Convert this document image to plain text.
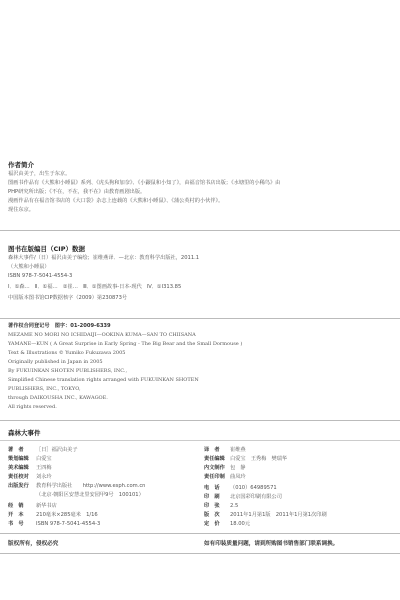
作者简介
福沢由美子，出生于东京。
图画书作品有《大熊和小睡鼠》系列、《虎头狗和加奈》、《小鼹鼠和小知了》，由福音馆书店出版；《水塘里的小稀鸟》由
PHP研究所出版；《不在，不在，我不在》由教育画剧出版。
漫画作品有在福音馆书店的《大口袋》杂志上连载的《大熊和小睡鼠》、《蒲公英村的小伙伴》。
现住东京。
图书在版编目（CIP）数据
森林大事件/（日）福沢由美子编绘；崔维燕译．—北京：教育科学出版社，2011.1
（大熊和小睡鼠）
ISBN 978-7-5041-4554-3
Ⅰ．①森…　Ⅱ．①福…　②崔…　Ⅲ．①图画故事-日本-现代　Ⅳ．①I313.85
中国版本图书馆CIP数据核字（2009）第230873号
著作权合同登记号　图字：01-2009-6339
MEZAME NO MORI NO ICHIDAIJI—OOKINA KUMA—SAN TO CHIISANA
YAMANE—KUN ( A Great Surprise in Early Spring - The Big Bear and the Small Dormouse )
Text & Illustrations © Yumiko Fukuzawa 2005
Originally published in Japan in 2005
By FUKUINKAN SHOTEN PUBLISHERS, INC.,
Simplified Chinese translation rights arranged with FUKUINKAN SHOTEN
PUBLISHERS, INC., TOKYO,
through DAIKOUSHA INC., KAWAGOE.
All rights reserved.
森林大事件
著　者 ［日］福沢由美子
策划编辑 白爱宝
美术编辑 王四梅
责任校对 刘永玲
出版发行 教育科学出版社　　http://www.esph.com.cn
（北京·朝阳区安慧北里安园甲9号　100101）
经　销 新华书店
开　本 210毫米×285毫米　1/16
书　号 ISBN 978-7-5041-4554-3
译　者 崔维燕
责任编辑 白爱宝　王秀梅　樊瑞华
内文制作 包　静
责任印制 曲凤玲
电　话 （010）64989571
印　刷 北京国彩印刷有限公司
印　张 2.5
版　次 2011年1月第1版　2011年1月第1次印刷
定　价 18.00元
版权所有，侵权必究	如有印装质量问题，请到所购图书销售部门联系调换。
